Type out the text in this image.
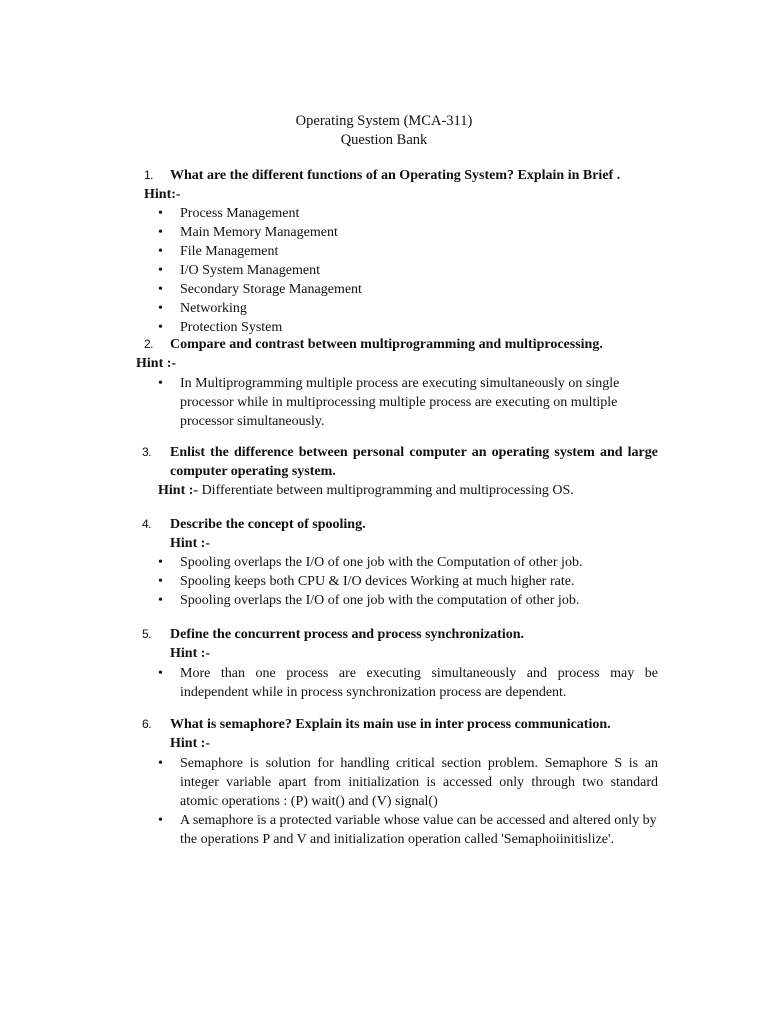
Operating System (MCA-311)
Question Bank
1. What are the different functions of an Operating System? Explain in Brief .
Hint:-
• Process Management
• Main Memory Management
• File Management
• I/O System Management
• Secondary Storage Management
• Networking
• Protection System
2. Compare and contrast between multiprogramming and multiprocessing.
Hint :-
• In Multiprogramming multiple process are executing simultaneously on single processor while in multiprocessing multiple process are executing on multiple processor simultaneously.
3. Enlist the difference between personal computer an operating system and large computer operating system.
Hint :- Differentiate between multiprogramming and multiprocessing OS.
4. Describe the concept of spooling.
Hint :-
• Spooling overlaps the I/O of one job with the Computation of other job.
• Spooling keeps both CPU & I/O devices Working at much higher rate.
• Spooling overlaps the I/O of one job with the computation of other job.
5. Define the concurrent process and process synchronization.
Hint :-
• More than one process are executing simultaneously and process may be independent while in process synchronization process are dependent.
6. What is semaphore? Explain its main use in inter process communication.
Hint :-
• Semaphore is solution for handling critical section problem. Semaphore S is an integer variable apart from initialization is accessed only through two standard atomic operations : (P) wait() and (V) signal()
• A semaphore is a protected variable whose value can be accessed and altered only by the operations P and V and initialization operation called 'Semaphoiinitislize'.
